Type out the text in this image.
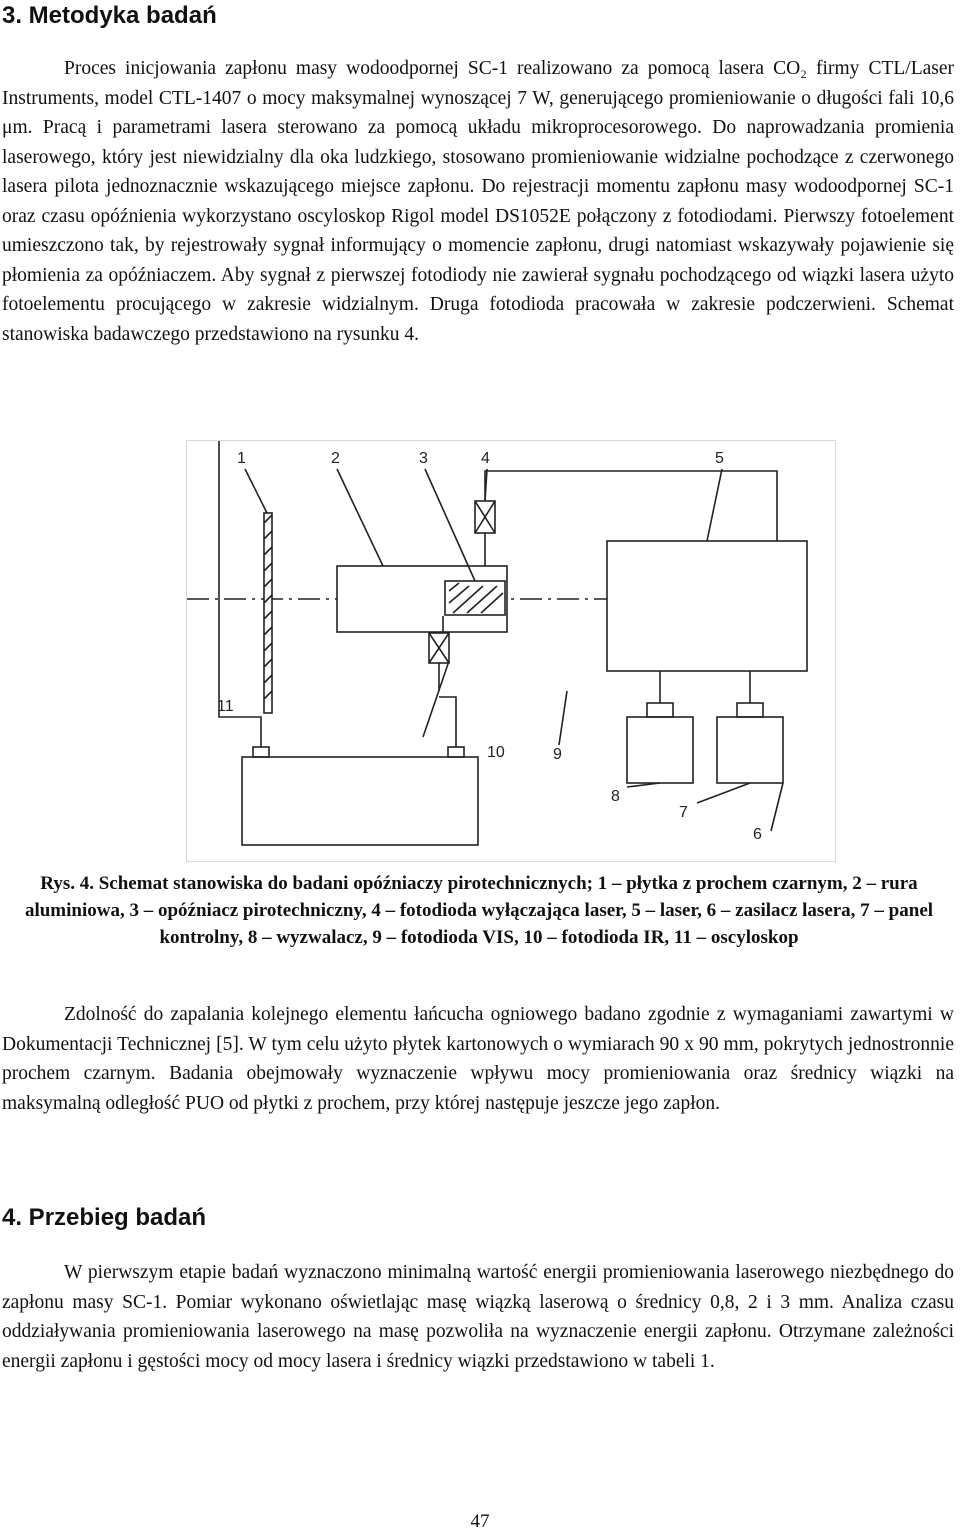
3. Metodyka badań

Proces inicjowania zapłonu masy wodoodpornej SC-1 realizowano za pomocą lasera CO₂ firmy CTL/Laser Instruments, model CTL-1407 o mocy maksymalnej wynoszącej 7 W, generującego promieniowanie o długości fali 10,6 μm. Pracą i parametrami lasera sterowano za pomocą układu mikroprocesorowego. Do naprowadzania promienia laserowego, który jest niewidzialny dla oka ludzkiego, stosowano promieniowanie widzialne pochodzące z czerwonego lasera pilota jednoznacznie wskazującego miejsce zapłonu. Do rejestracji momentu zapłonu masy wodoodpornej SC-1 oraz czasu opóźnienia wykorzystano oscyloskop Rigol model DS1052E połączony z fotodiodami. Pierwszy fotoelement umieszczono tak, by rejestrowały sygnał informujący o momencie zapłonu, drugi natomiast wskazywały pojawienie się płomienia za opóźniaczem. Aby sygnał z pierwszej fotodiody nie zawierał sygnału pochodzącego od wiązki lasera użyto fotoelementu procującego w zakresie widzialnym. Druga fotodioda pracowała w zakresie podczerwieni. Schemat stanowiska badawczego przedstawiono na rysunku 4.

1	2	3	4	5
6
7
8
9
10
11

Rys. 4. Schemat stanowiska do badani opóźniaczy pirotechnicznych; 1 – płytka z prochem czarnym, 2 – rura aluminiowa, 3 – opóźniacz pirotechniczny, 4 – fotodioda wyłączająca laser, 5 – laser, 6 – zasilacz lasera, 7 – panel kontrolny, 8 – wyzwalacz, 9 – fotodioda VIS, 10 – fotodioda IR, 11 – oscyloskop

Zdolność do zapalania kolejnego elementu łańcucha ogniowego badano zgodnie z wymaganiami zawartymi w Dokumentacji Technicznej [5]. W tym celu użyto płytek kartonowych o wymiarach 90 x 90 mm, pokrytych jednostronnie prochem czarnym. Badania obejmowały wyznaczenie wpływu mocy promieniowania oraz średnicy wiązki na maksymalną odległość PUO od płytki z prochem, przy której następuje jeszcze jego zapłon.

4. Przebieg badań

W pierwszym etapie badań wyznaczono minimalną wartość energii promieniowania laserowego niezbędnego do zapłonu masy SC-1. Pomiar wykonano oświetlając masę wiązką laserową o średnicy 0,8, 2 i 3 mm. Analiza czasu oddziaływania promieniowania laserowego na masę pozwoliła na wyznaczenie energii zapłonu. Otrzymane zależności energii zapłonu i gęstości mocy od mocy lasera i średnicy wiązki przedstawiono w tabeli 1.

47
